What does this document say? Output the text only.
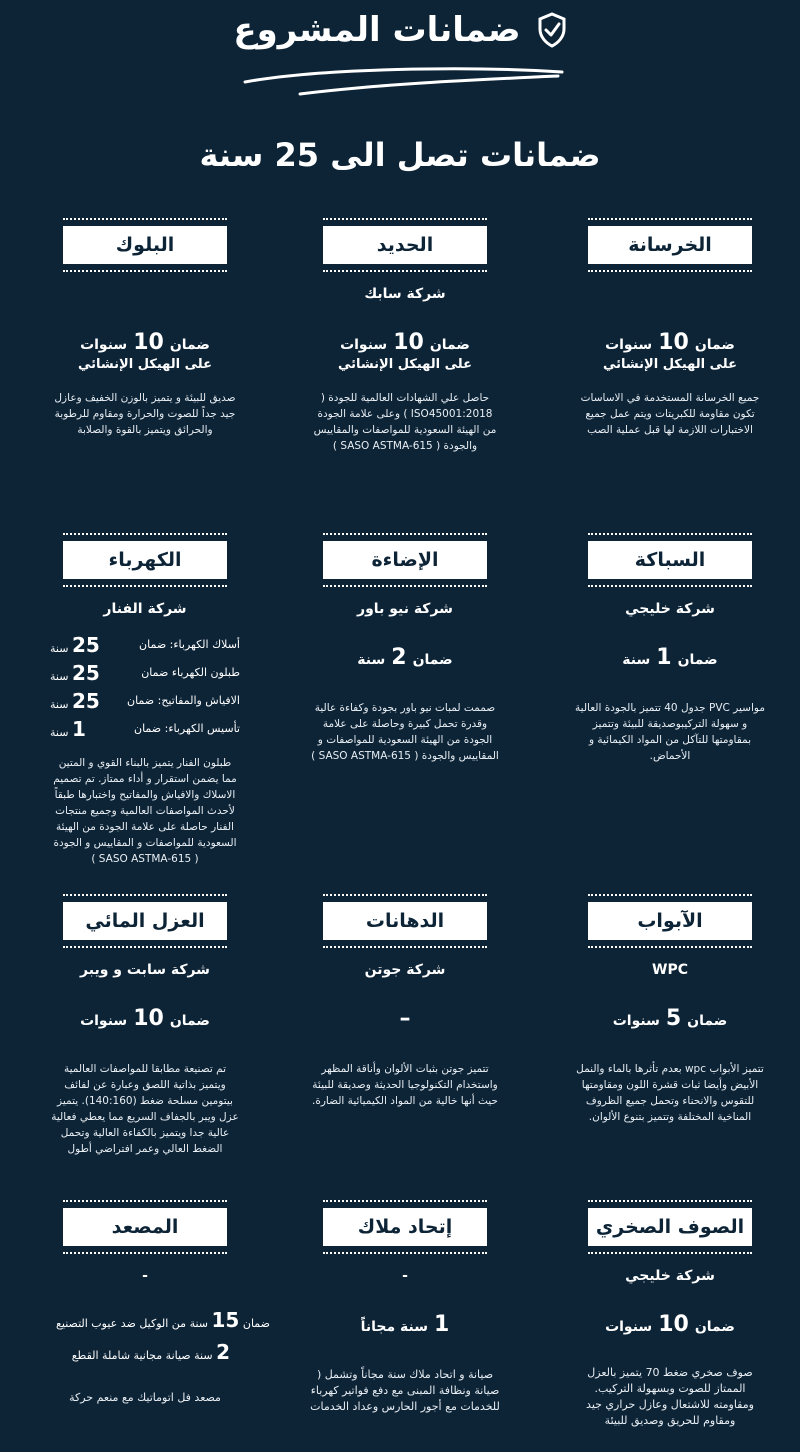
ضمانات المشروع
ضمانات تصل الى 25 سنة
الخرسانة
ضمان
10
سنوات
على الهيكل الإنشائي
جميع الخرسانة المستخدمة في الاساسات تكون مقاومة للكبريتات ويتم عمل جميع الاختبارات اللازمة لها قبل عملية الصب
الحديد
شركة سابك
ضمان
10
سنوات
على الهيكل الإنشائي
حاصل علي الشهادات العالمية للجودة ( ISO45001:2018 ) وعلى علامة الجودة من الهيئة السعودية للمواصفات والمقاييس والجودة ( SASO ASTMA-615 )
البلوك
ضمان
10
سنوات
على الهيكل الإنشائي
صديق للبيئة و يتميز بالوزن الخفيف وعازل جيد جداً للصوت والحرارة ومقاوم للرطوبة والحرائق ويتميز بالقوة والصلابة
السباكة
شركة خليجي
ضمان
1
سنة
مواسير PVC جدول 40 تتميز بالجودة العالية و سهولة التركيبوصديقة للبيئة وتتميز بمقاومتها للتآكل من المواد الكيمائية و الأحماض.
الإضاءة
شركة نيو باور
ضمان
2
سنة
صممت لمبات نيو باور بجودة وكفاءة عالية وقدرة تحمل كبيرة وحاصلة على علامة الجودة من الهيئة السعودية للمواصفات و المقاييس والجودة ( SASO ASTMA-615 )
الكهرباء
شركة الفنار
أسلاك الكهرباء: ضمان
25 سنة
طبلون الكهرباء ضمان
25 سنة
الافياش والمفاتيح: ضمان
25 سنة
تأسيس الكهرباء: ضمان
1 سنة
طبلون الفنار يتميز بالبناء القوي و المتين مما يضمن استقرار و أداء ممتاز. تم تصميم الاسلاك والافياش والمفاتيح واختبارها طبقاً لأحدث المواصفات العالمية وجميع منتجات الفنار حاصلة على علامة الجودة من الهيئة السعودية للمواصفات و المقاييس و الجودة ( SASO ASTMA-615 )
الآبواب
WPC
ضمان
5
سنوات
تتميز الأبواب wpc بعدم تأثرها بالماء والنمل الأبيض وأيضا ثبات قشرة اللون ومقاومتها للتقوس والانحناء وتحمل جميع الظروف المناخية المختلفة وتتميز بتنوع الألوان.
الدهانات
شركة جوتن
–
تتميز جوتن بثبات الألوان وأناقة المظهر واستخدام التكنولوجيا الحديثة وصديقة للبيئة حيث أنها خالية من المواد الكيميائية الضارة.
العزل المائي
شركة سابت و ويبر
ضمان
10
سنوات
تم تصنيعة مطابقا للمواصفات العالمية ويتميز بذاتية اللصق وعبارة عن لفائف بيتومين مسلحة ضغط (140:160). يتميز عزل ويبر بالجفاف السريع مما يعطي فعالية عالية جدا ويتميز بالكفاءة العالية وتحمل الضغط العالي وعمر افتراضي أطول
الصوف الصخري
شركة خليجي
ضمان
10
سنوات
صوف صخري ضغط 70 يتميز بالعزل الممتاز للصوت وبسهولة التركيب. ومقاومته للاشتعال وعازل حراري جيد ومقاوم للحريق وصديق للبيئة
إتحاد ملاك
-
1
سنة مجاناً
صيانة و اتحاد ملاك سنة مجاناً وتشمل ( صيانة ونظافة المبنى مع دفع فواتير كهرباء للخدمات مع أجور الحارس وعداد الخدمات
المصعد
-
ضمان 15 سنة من الوكيل ضد عيوب التصنيع
2 سنة صيانة مجانية شاملة القطع
مصعد فل اتوماتيك مع منعم حركة
